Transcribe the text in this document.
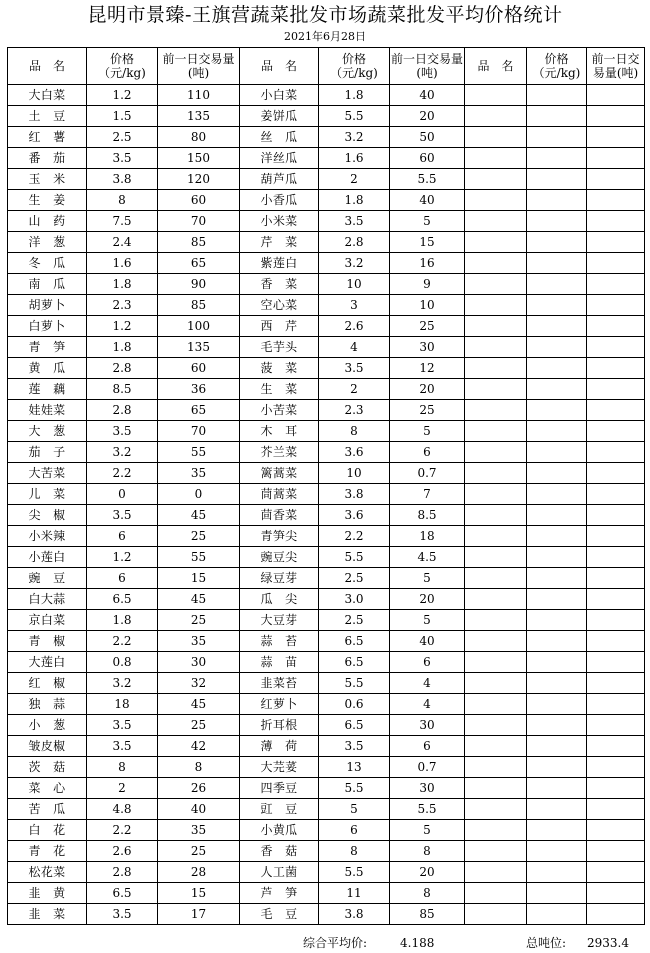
昆明市景臻-王旗营蔬菜批发市场蔬菜批发平均价格统计
2021年6月28日
品　名	价格（元/kg)	前一日交易量(吨)	品　名	价格（元/kg)	前一日交易量(吨)	品　名	价格（元/kg)	前一日交易量(吨)
大白菜	1.2	110	小白菜	1.8	40			
土　豆	1.5	135	姜饼瓜	5.5	20			
红　薯	2.5	80	丝　瓜	3.2	50			
番　茄	3.5	150	洋丝瓜	1.6	60			
玉　米	3.8	120	葫芦瓜	2	5.5			
生　姜	8	60	小香瓜	1.8	40			
山　药	7.5	70	小米菜	3.5	5			
洋　葱	2.4	85	芹　菜	2.8	15			
冬　瓜	1.6	65	紫莲白	3.2	16			
南　瓜	1.8	90	香　菜	10	9			
胡萝卜	2.3	85	空心菜	3	10			
白萝卜	1.2	100	西　芹	2.6	25			
青　笋	1.8	135	毛芋头	4	30			
黄　瓜	2.8	60	菠　菜	3.5	12			
莲　藕	8.5	36	生　菜	2	20			
娃娃菜	2.8	65	小苦菜	2.3	25			
大　葱	3.5	70	木　耳	8	5			
茄　子	3.2	55	芥兰菜	3.6	6			
大苦菜	2.2	35	篱蒿菜	10	0.7			
儿　菜	0	0	茼蒿菜	3.8	7			
尖　椒	3.5	45	茴香菜	3.6	8.5			
小米辣	6	25	青笋尖	2.2	18			
小莲白	1.2	55	豌豆尖	5.5	4.5			
豌　豆	6	15	绿豆芽	2.5	5			
白大蒜	6.5	45	瓜　尖	3.0	20			
京白菜	1.8	25	大豆芽	2.5	5			
青　椒	2.2	35	蒜　苔	6.5	40			
大莲白	0.8	30	蒜　苗	6.5	6			
红　椒	3.2	32	韭菜苔	5.5	4			
独　蒜	18	45	红萝卜	0.6	4			
小　葱	3.5	25	折耳根	6.5	30			
皱皮椒	3.5	42	薄　荷	3.5	6			
茨　菇	8	8	大芫荽	13	0.7			
菜　心	2	26	四季豆	5.5	30			
苦　瓜	4.8	40	豇　豆	5	5.5			
白　花	2.2	35	小黄瓜	6	5			
青　花	2.6	25	香　菇	8	8			
松花菜	2.8	28	人工菌	5.5	20			
韭　黄	6.5	15	芦　笋	11	8			
韭　菜	3.5	17	毛　豆	3.8	85			
综合平均价:	4.188	总吨位: 2933.4
